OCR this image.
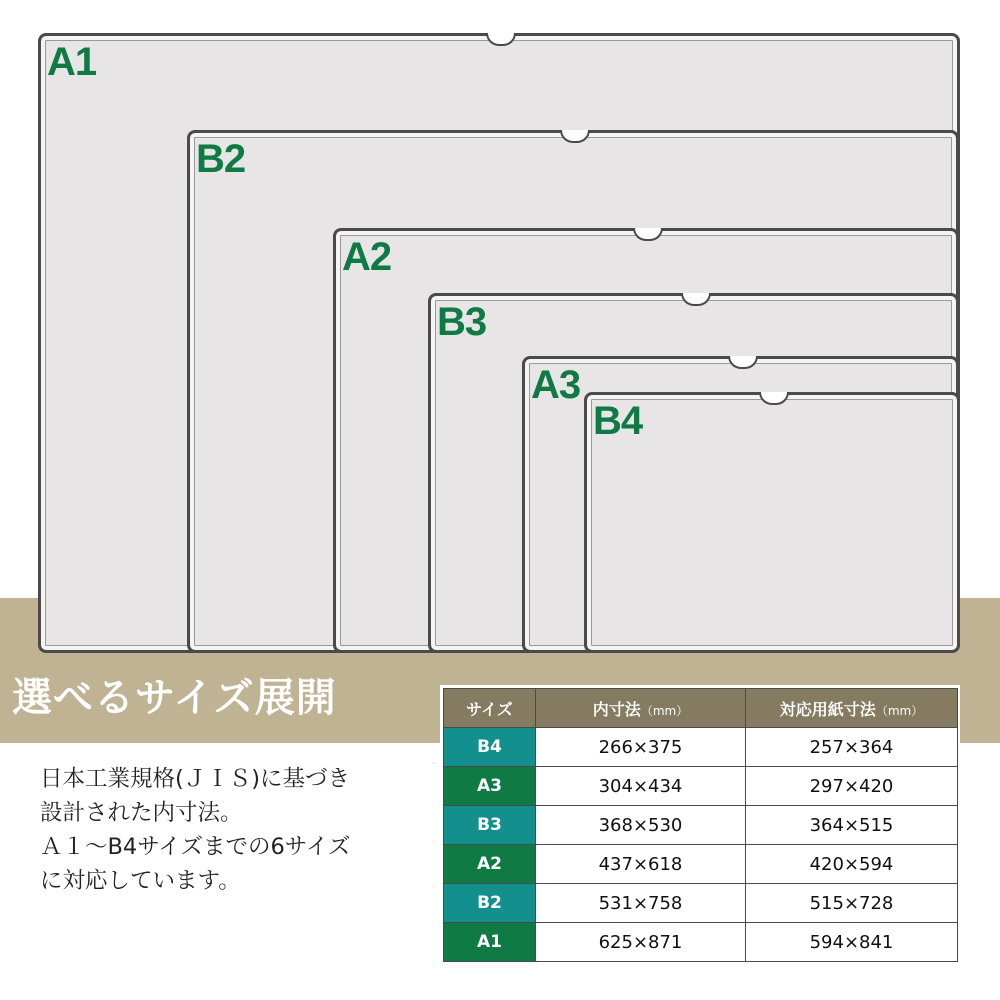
A1
B2
A2
B3
A3
B4
選べるサイズ展開
日本工業規格(ＪＩＳ)に基づき
設計された内寸法。
Ａ１～B4サイズまでの6サイズ
に対応しています。
サイズ	内寸法（mm）	対応用紙寸法（mm）
B4	266×375	257×364
A3	304×434	297×420
B3	368×530	364×515
A2	437×618	420×594
B2	531×758	515×728
A1	625×871	594×841
